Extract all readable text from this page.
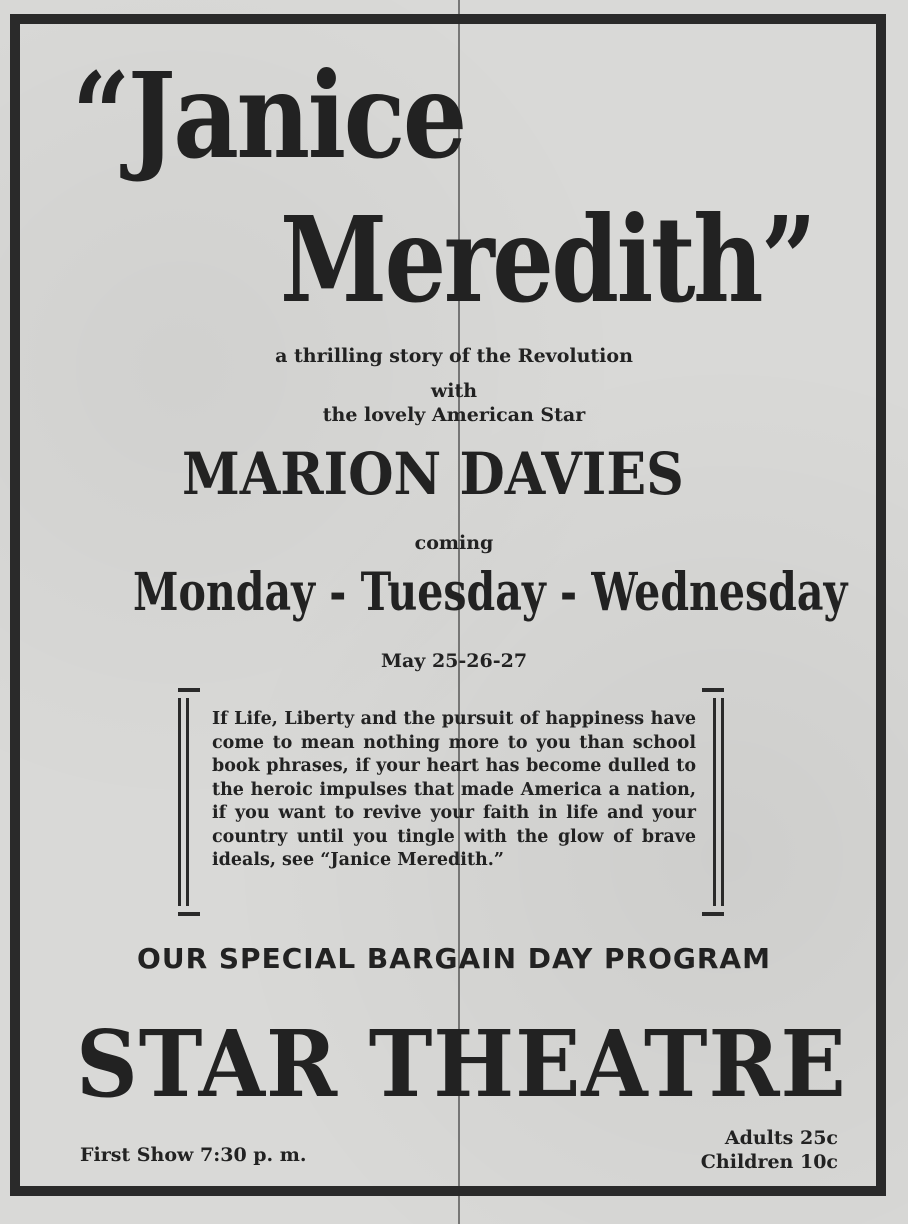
“Janice
Meredith”
a thrilling story of the Revolution
with
the lovely American Star
MARION DAVIES
coming
Monday - Tuesday - Wednesday
May 25-26-27
If Life, Liberty and the pursuit of happiness have come to mean nothing more to you than school book phrases, if your heart has become dulled to the heroic impulses that made America a nation, if you want to revive your faith in life and your country until you tingle with the glow of brave ideals, see “Janice Meredith.”
OUR SPECIAL BARGAIN DAY PROGRAM
STAR THEATRE
First Show 7:30 p. m.
Adults 25c
Children 10c
